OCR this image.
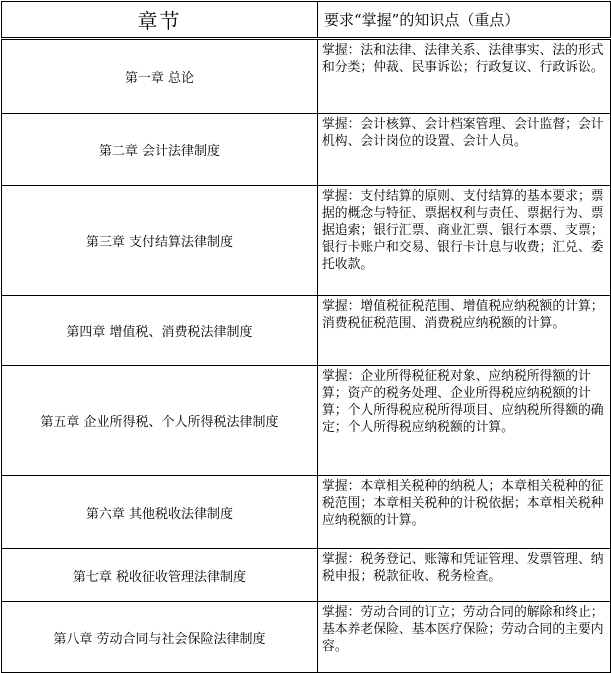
章节	要求“掌握”的知识点（重点）
第一章 总论	掌握：法和法律、法律关系、法律事实、法的形式和分类；仲裁、民事诉讼；行政复议、行政诉讼。
第二章 会计法律制度	掌握：会计核算、会计档案管理、会计监督；会计机构、会计岗位的设置、会计人员。
第三章 支付结算法律制度	掌握：支付结算的原则、支付结算的基本要求；票据的概念与特征、票据权利与责任、票据行为、票据追索；银行汇票、商业汇票、银行本票、支票；银行卡账户和交易、银行卡计息与收费；汇兑、委托收款。
第四章 增值税、消费税法律制度	掌握：增值税征税范围、增值税应纳税额的计算；消费税征税范围、消费税应纳税额的计算。
第五章 企业所得税、个人所得税法律制度	掌握：企业所得税征税对象、应纳税所得额的计算；资产的税务处理、企业所得税应纳税额的计算；个人所得税应税所得项目、应纳税所得额的确定；个人所得税应纳税额的计算。
第六章 其他税收法律制度	掌握：本章相关税种的纳税人；本章相关税种的征税范围；本章相关税种的计税依据；本章相关税种应纳税额的计算。
第七章 税收征收管理法律制度	掌握：税务登记、账簿和凭证管理、发票管理、纳税申报；税款征收、税务检查。
第八章 劳动合同与社会保险法律制度	掌握：劳动合同的订立；劳动合同的解除和终止；基本养老保险、基本医疗保险；劳动合同的主要内容。
